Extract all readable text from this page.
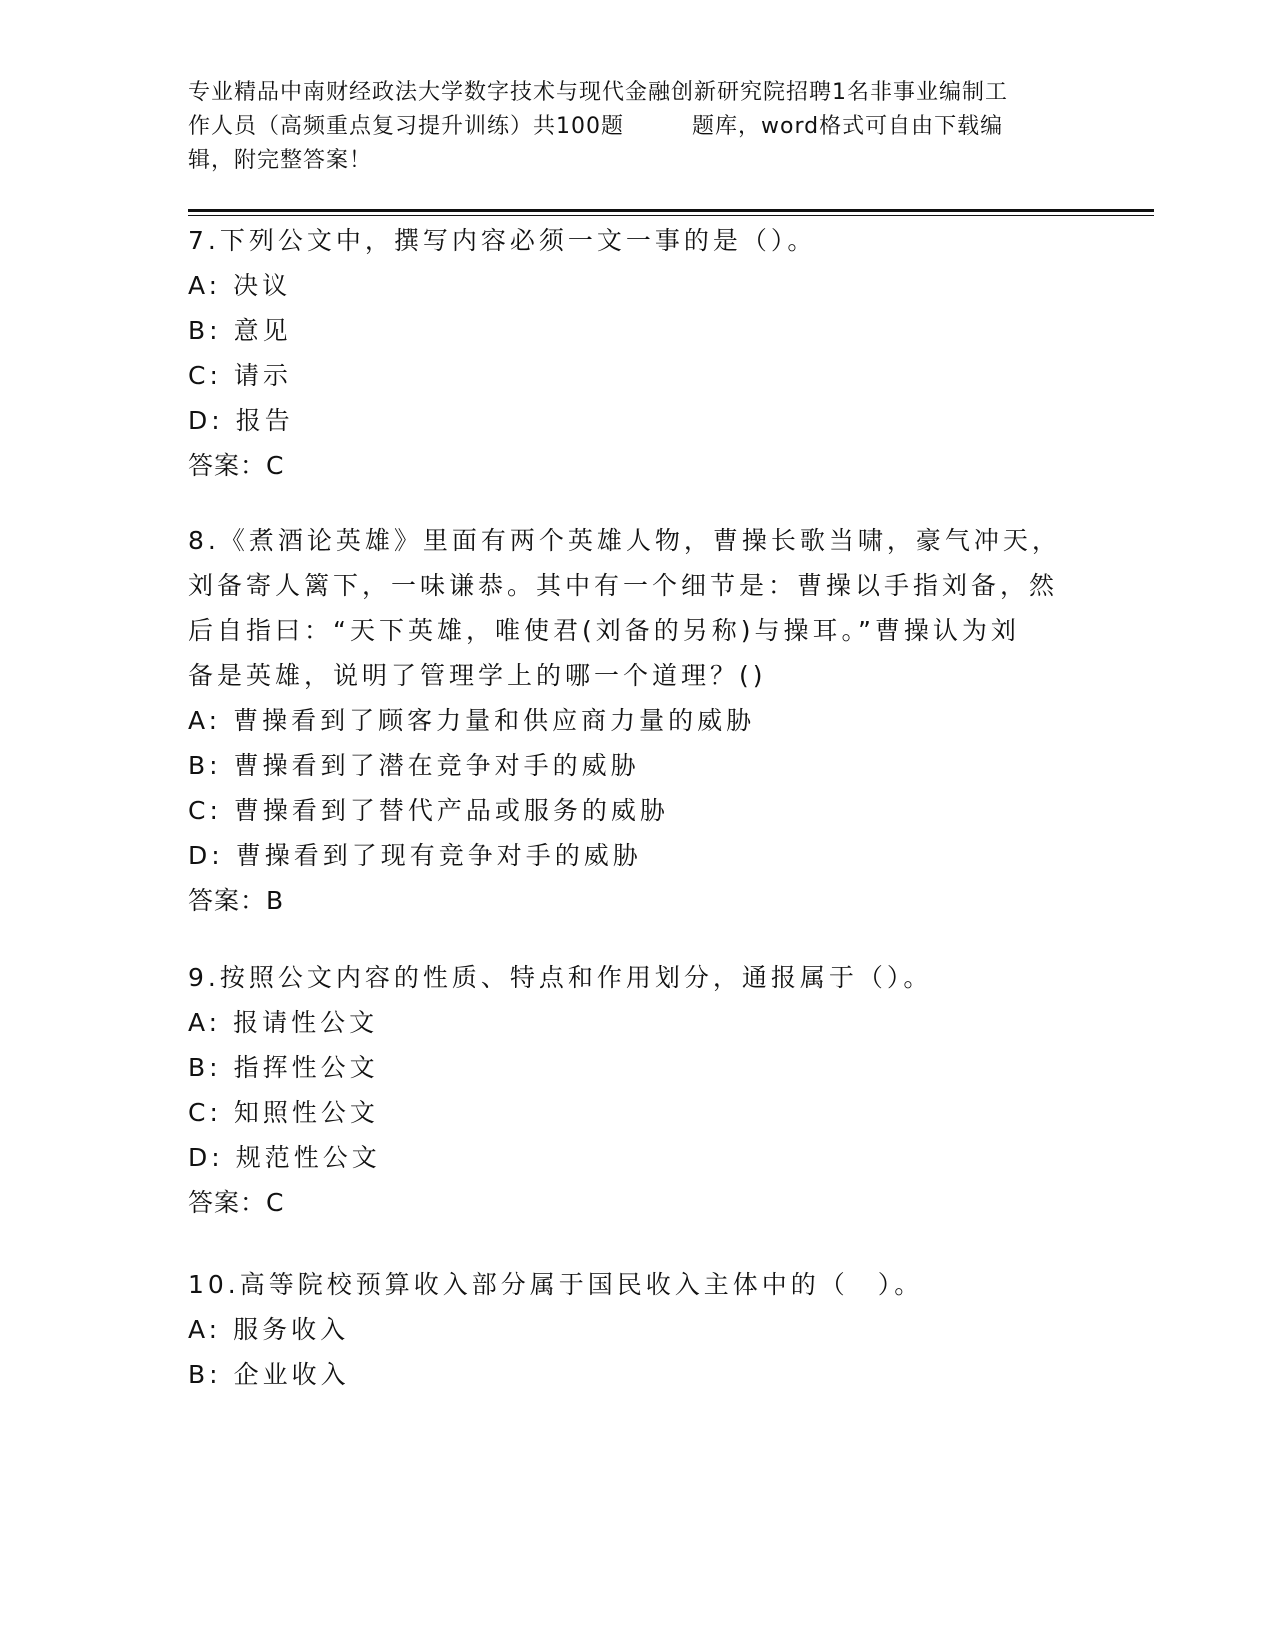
专业精品中南财经政法大学数字技术与现代金融创新研究院招聘1名非事业编制工
作人员（高频重点复习提升训练）共100题	题库，word格式可自由下载编
辑，附完整答案！
7.下列公文中，撰写内容必须一文一事的是（）。
A: 决议
B: 意见
C: 请示
D: 报告
答案：C
8.《煮酒论英雄》里面有两个英雄人物，曹操长歌当啸，豪气冲天，
刘备寄人篱下，一味谦恭。其中有一个细节是：曹操以手指刘备，然
后自指曰：“天下英雄，唯使君(刘备的另称)与操耳。”曹操认为刘
备是英雄，说明了管理学上的哪一个道理？()
A: 曹操看到了顾客力量和供应商力量的威胁
B: 曹操看到了潜在竞争对手的威胁
C: 曹操看到了替代产品或服务的威胁
D: 曹操看到了现有竞争对手的威胁
答案：B
9.按照公文内容的性质、特点和作用划分，通报属于（）。
A: 报请性公文
B: 指挥性公文
C: 知照性公文
D: 规范性公文
答案：C
10.高等院校预算收入部分属于国民收入主体中的（　）。
A: 服务收入
B: 企业收入
